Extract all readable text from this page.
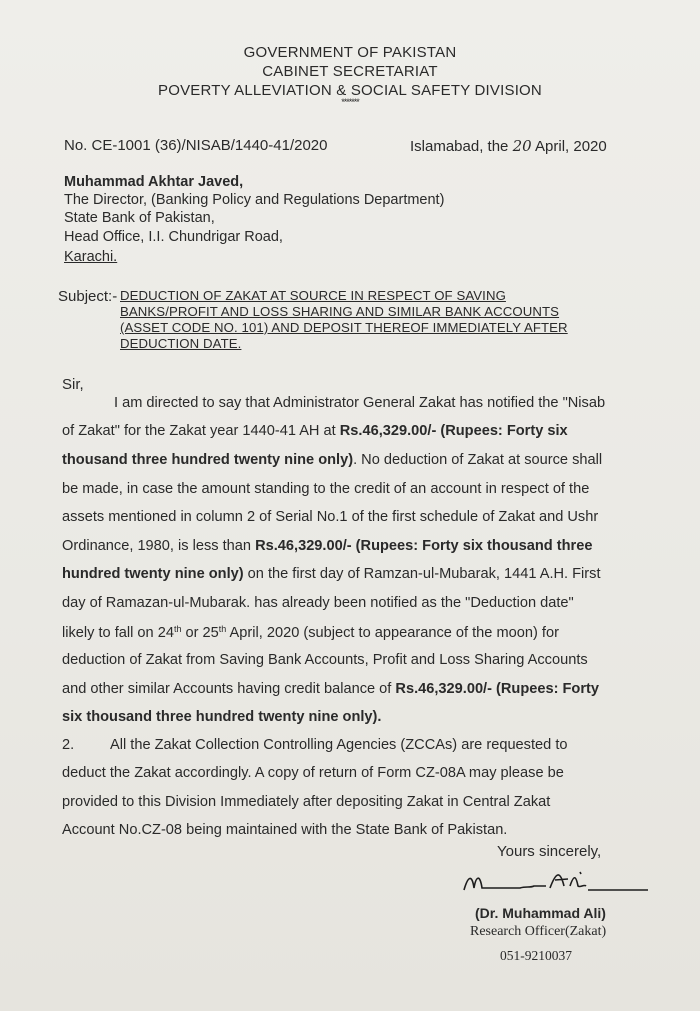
GOVERNMENT OF PAKISTAN
CABINET SECRETARIAT
POVERTY ALLEVIATION & SOCIAL SAFETY DIVISION
*******
No. CE-1001 (36)/NISAB/1440-41/2020	Islamabad, the 20 April, 2020
Muhammad Akhtar Javed,
The Director, (Banking Policy and Regulations Department)
State Bank of Pakistan,
Head Office, I.I. Chundrigar Road,
Karachi.
Subject:- DEDUCTION OF ZAKAT AT SOURCE IN RESPECT OF SAVING
BANKS/PROFIT AND LOSS SHARING AND SIMILAR BANK ACCOUNTS
(ASSET CODE NO. 101) AND DEPOSIT THEREOF IMMEDIATELY AFTER
DEDUCTION DATE.
Sir,
I am directed to say that Administrator General Zakat has notified the "Nisab
of Zakat" for the Zakat year 1440-41 AH at Rs.46,329.00/- (Rupees: Forty six
thousand three hundred twenty nine only). No deduction of Zakat at source shall
be made, in case the amount standing to the credit of an account in respect of the
assets mentioned in column 2 of Serial No.1 of the first schedule of Zakat and Ushr
Ordinance, 1980, is less than Rs.46,329.00/- (Rupees: Forty six thousand three
hundred twenty nine only) on the first day of Ramzan-ul-Mubarak, 1441 A.H. First
day of Ramazan-ul-Mubarak. has already been notified as the "Deduction date"
likely to fall on 24th or 25th April, 2020 (subject to appearance of the moon) for
deduction of Zakat from Saving Bank Accounts, Profit and Loss Sharing Accounts
and other similar Accounts having credit balance of Rs.46,329.00/- (Rupees: Forty
six thousand three hundred twenty nine only).
2. All the Zakat Collection Controlling Agencies (ZCCAs) are requested to
deduct the Zakat accordingly. A copy of return of Form CZ-08A may please be
provided to this Division Immediately after depositing Zakat in Central Zakat
Account No.CZ-08 being maintained with the State Bank of Pakistan.
Yours sincerely,
(Dr. Muhammad Ali)
Research Officer(Zakat)
051-9210037
